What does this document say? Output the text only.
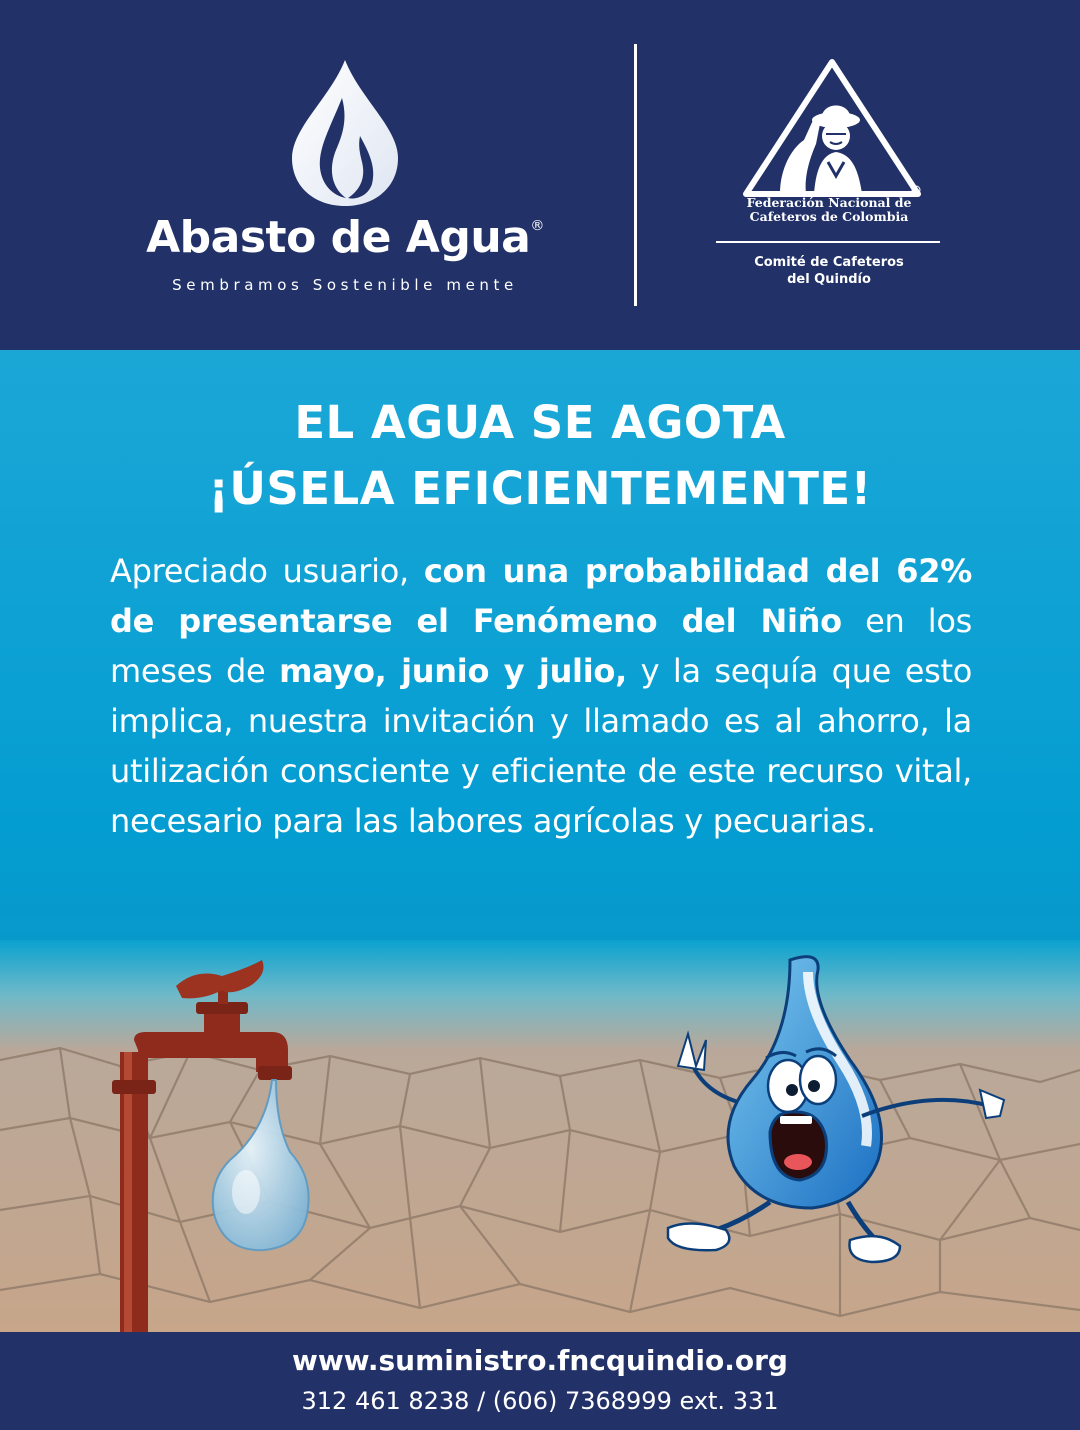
Abasto de Agua®
Sembramos Sostenible mente
Federación Nacional de
Cafeteros de Colombia
Comité de Cafeteros
del Quindío
EL AGUA SE AGOTA
¡ÚSELA EFICIENTEMENTE!

Apreciado usuario, con una probabilidad del 62% de presentarse el Fenómeno del Niño en los meses de mayo, junio y julio, y la sequía que esto implica, nuestra invitación y llamado es al ahorro, la utilización consciente y eficiente de este recurso vital, necesario para las labores agrícolas y pecuarias.

www.suministro.fncquindio.org
312 461 8238 / (606) 7368999 ext. 331
